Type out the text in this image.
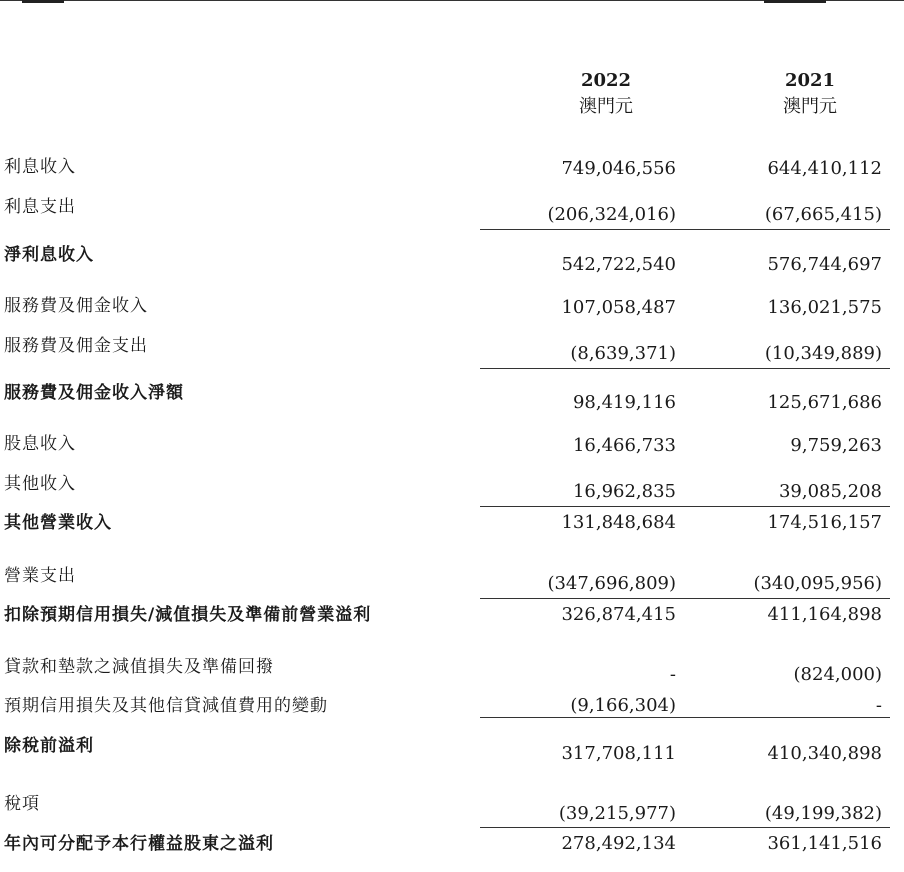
2022
澳門元
2021
澳門元
利息收入	749,046,556	644,410,112
利息支出	(206,324,016)	(67,665,415)
淨利息收入	542,722,540	576,744,697
服務費及佣金收入	107,058,487	136,021,575
服務費及佣金支出	(8,639,371)	(10,349,889)
服務費及佣金收入淨額	98,419,116	125,671,686
股息收入	16,466,733	9,759,263
其他收入	16,962,835	39,085,208
其他營業收入	131,848,684	174,516,157
營業支出	(347,696,809)	(340,095,956)
扣除預期信用損失/減值損失及準備前營業溢利	326,874,415	411,164,898
貸款和墊款之減值損失及準備回撥	-	(824,000)
預期信用損失及其他信貸減值費用的變動	(9,166,304)	-
除稅前溢利	317,708,111	410,340,898
稅項	(39,215,977)	(49,199,382)
年內可分配予本行權益股東之溢利	278,492,134	361,141,516
